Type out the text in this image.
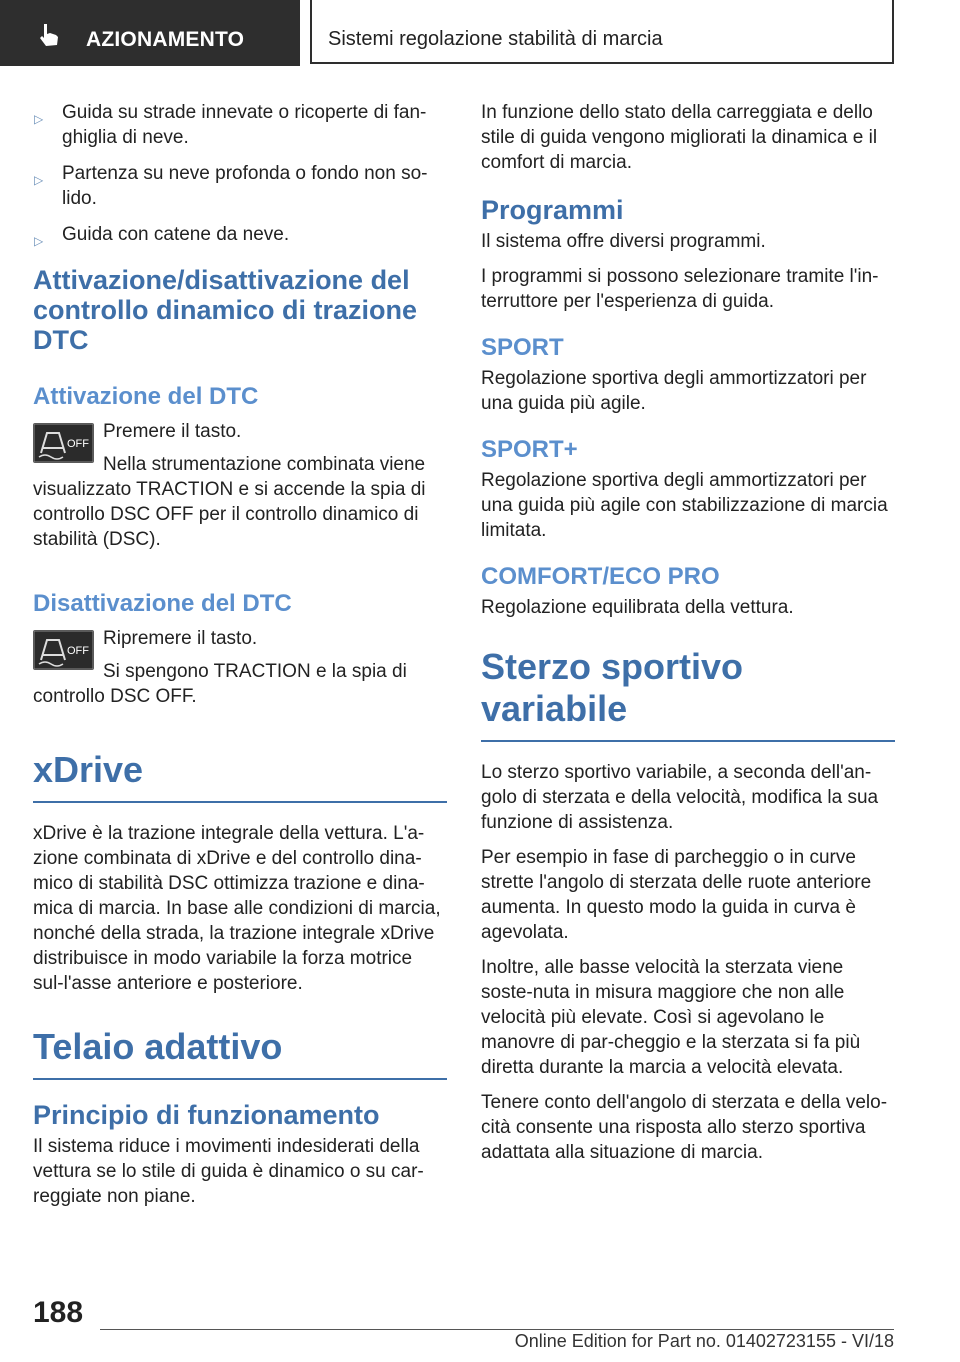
AZIONAMENTO	Sistemi regolazione stabilità di marcia
▷ Guida su strade innevate o ricoperte di fan-ghiglia di neve.
▷ Partenza su neve profonda o fondo non so-lido.
▷ Guida con catene da neve.
Attivazione/disattivazione del controllo dinamico di trazione DTC
Attivazione del DTC
OFF
Premere il tasto.
Nella strumentazione combinata viene visualizzato TRACTION e si accende la spia di controllo DSC OFF per il controllo dinamico di stabilità (DSC).
Disattivazione del DTC
OFF
Ripremere il tasto.
Si spengono TRACTION e la spia di controllo DSC OFF.
xDrive
xDrive è la trazione integrale della vettura. L'a-zione combinata di xDrive e del controllo dina-mico di stabilità DSC ottimizza trazione e dina-mica di marcia. In base alle condizioni di marcia, nonché della strada, la trazione integrale xDrive distribuisce in modo variabile la forza motrice sul-l'asse anteriore e posteriore.
Telaio adattivo
Principio di funzionamento
Il sistema riduce i movimenti indesiderati della vettura se lo stile di guida è dinamico o su car-reggiate non piane.
In funzione dello stato della carreggiata e dello stile di guida vengono migliorati la dinamica e il comfort di marcia.
Programmi
Il sistema offre diversi programmi.
I programmi si possono selezionare tramite l'in-terruttore per l'esperienza di guida.
SPORT
Regolazione sportiva degli ammortizzatori per una guida più agile.
SPORT+
Regolazione sportiva degli ammortizzatori per una guida più agile con stabilizzazione di marcia limitata.
COMFORT/ECO PRO
Regolazione equilibrata della vettura.
Sterzo sportivo variabile
Lo sterzo sportivo variabile, a seconda dell'an-golo di sterzata e della velocità, modifica la sua funzione di assistenza.
Per esempio in fase di parcheggio o in curve strette l'angolo di sterzata delle ruote anteriore aumenta. In questo modo la guida in curva è agevolata.
Inoltre, alle basse velocità la sterzata viene soste-nuta in misura maggiore che non alle velocità più elevate. Così si agevolano le manovre di par-cheggio e la sterzata si fa più diretta durante la marcia a velocità elevata.
Tenere conto dell'angolo di sterzata e della velo-cità consente una risposta allo sterzo sportiva adattata alla situazione di marcia.
188
Online Edition for Part no. 01402723155 - VI/18
